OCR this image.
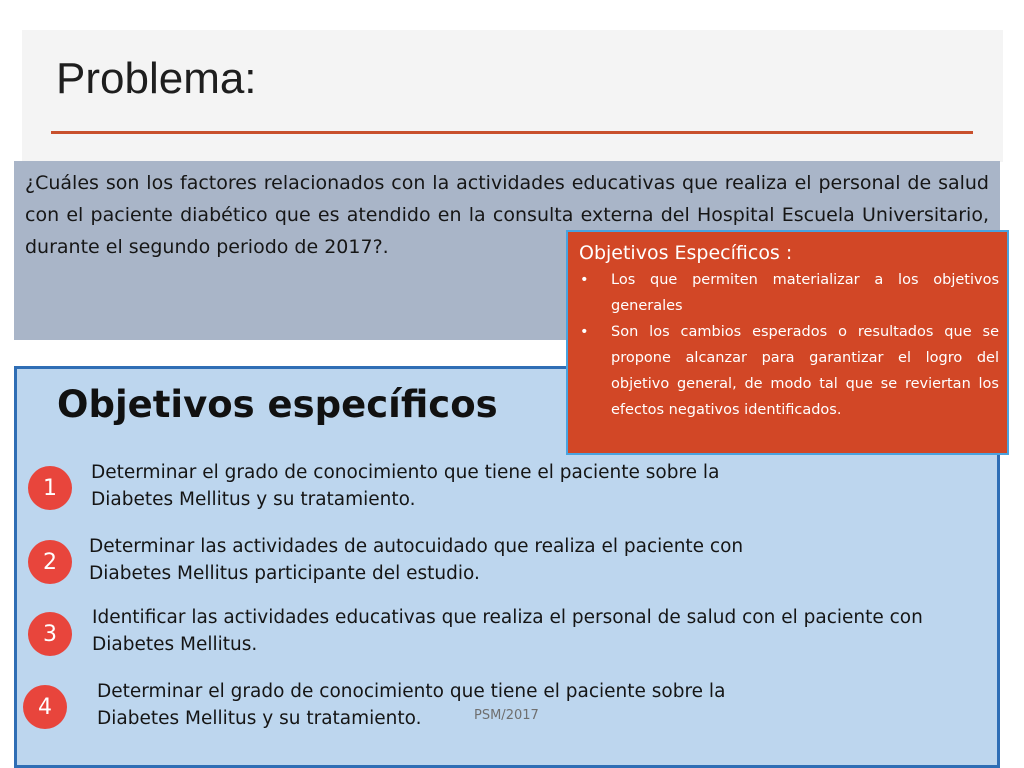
Problema:

¿Cuáles son los factores relacionados con la actividades educativas que realiza el personal de salud con el paciente diabético que es atendido en la consulta externa del Hospital Escuela Universitario, durante el segundo periodo de 2017?.

Objetivos específicos
1
Determinar el grado de conocimiento que tiene el paciente sobre la
Diabetes Mellitus y su tratamiento.
2
Determinar las actividades de autocuidado que realiza el paciente con
Diabetes Mellitus participante del estudio.
3
Identificar las actividades educativas que realiza el personal de salud con el paciente con
Diabetes Mellitus.
4
Determinar el grado de conocimiento que tiene el paciente sobre la
Diabetes Mellitus y su tratamiento.	PSM/2017
Objetivos Específicos :
• Los que permiten materializar a los objetivos generales
• Son los cambios esperados o resultados que se propone alcanzar para garantizar el logro del objetivo general, de modo tal que se reviertan los efectos negativos identificados.
